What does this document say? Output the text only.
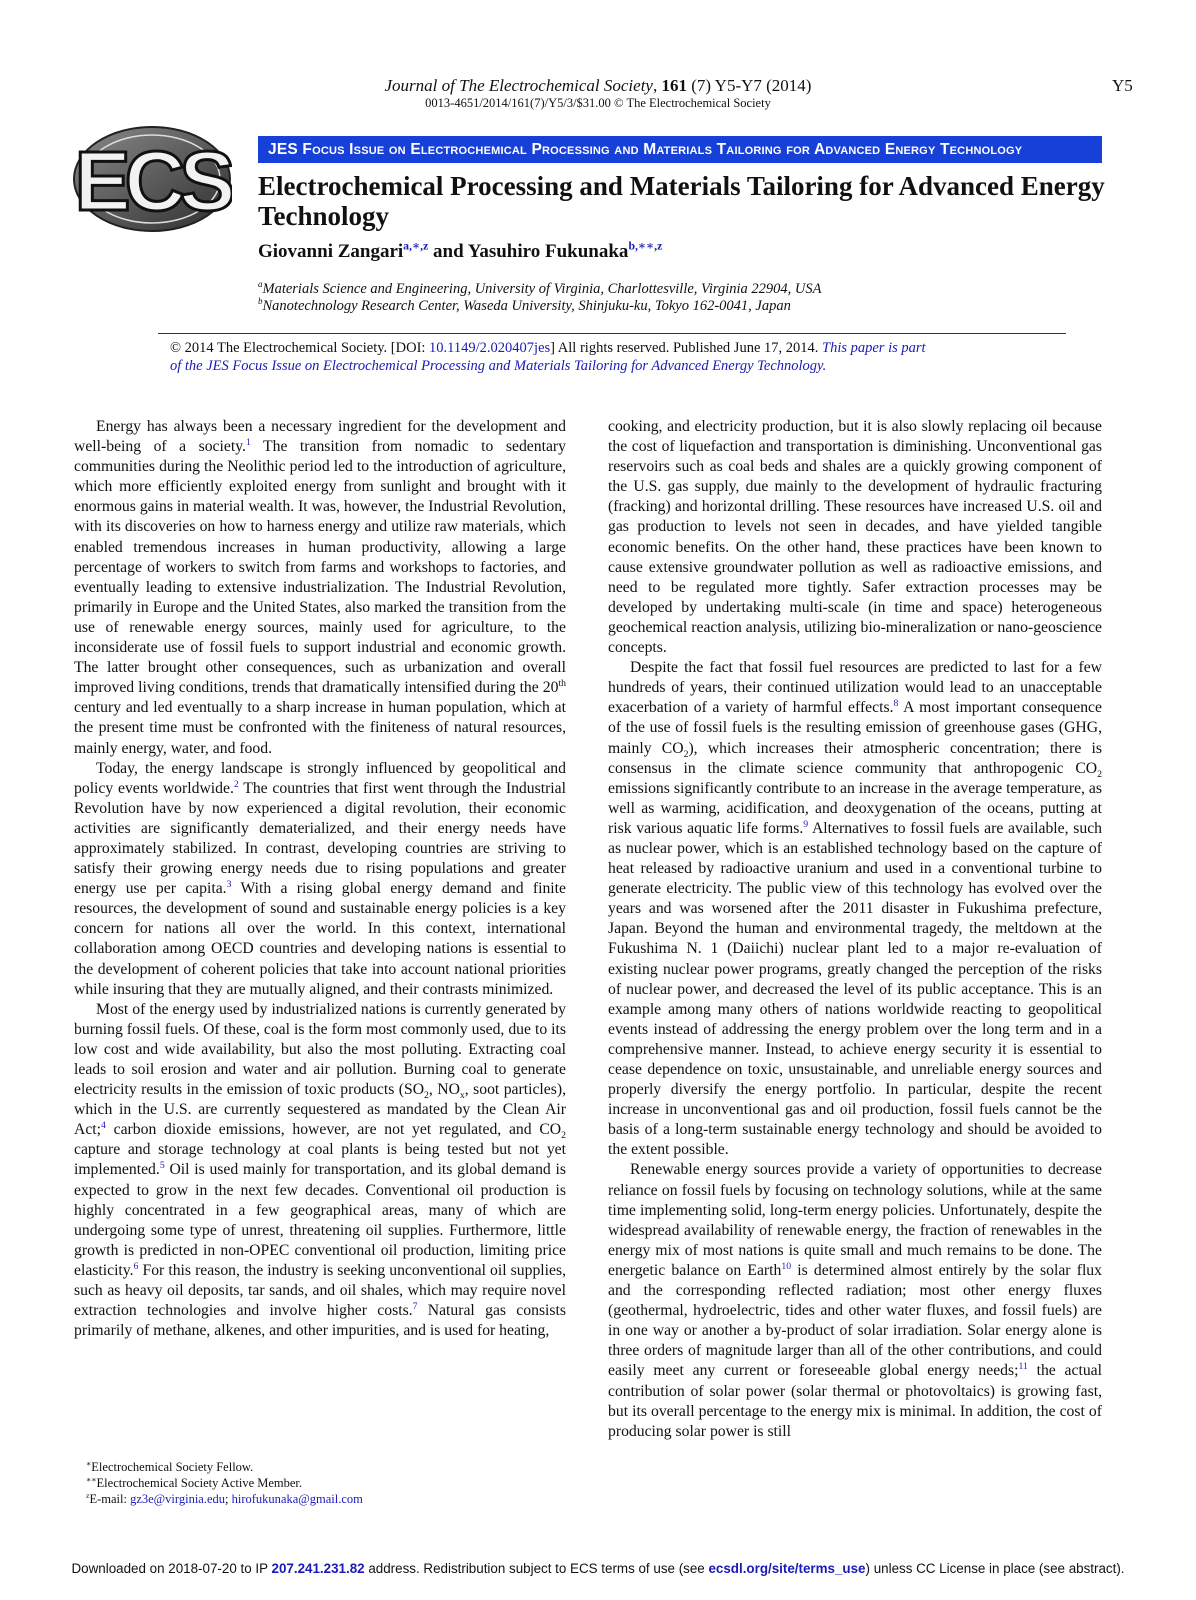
Journal of The Electrochemical Society, 161 (7) Y5-Y7 (2014)
0013-4651/2014/161(7)/Y5/3/$31.00 © The Electrochemical Society
Y5
ECS	JES Focus Issue on Electrochemical Processing and Materials Tailoring for Advanced Energy Technology
Electrochemical Processing and Materials Tailoring for Advanced Energy Technology
Giovanni Zangari$^{a,∗,z}$ and Yasuhiro Fukunaka$^{b,∗∗,z}$
$^a$Materials Science and Engineering, University of Virginia, Charlottesville, Virginia 22904, USA
$^b$Nanotechnology Research Center, Waseda University, Shinjuku-ku, Tokyo 162-0041, Japan
© 2014 The Electrochemical Society. [DOI: 10.1149/2.020407jes] All rights reserved. Published June 17, 2014. This paper is part
of the JES Focus Issue on Electrochemical Processing and Materials Tailoring for Advanced Energy Technology.

Energy has always been a necessary ingredient for the development and well-being of a society.$^1$ The transition from nomadic to sedentary communities during the Neolithic period led to the introduction of agriculture, which more efficiently exploited energy from sunlight and brought with it enormous gains in material wealth. It was, however, the Industrial Revolution, with its discoveries on how to harness energy and utilize raw materials, which enabled tremendous increases in human productivity, allowing a large percentage of workers to switch from farms and workshops to factories, and eventually leading to extensive industrialization. The Industrial Revolution, primarily in Europe and the United States, also marked the transition from the use of renewable energy sources, mainly used for agriculture, to the inconsiderate use of fossil fuels to support industrial and economic growth. The latter brought other consequences, such as urbanization and overall improved living conditions, trends that dramatically intensified during the 20th century and led eventually to a sharp increase in human population, which at the present time must be confronted with the finiteness of natural resources, mainly energy, water, and food.

Today, the energy landscape is strongly influenced by geopolitical and policy events worldwide.$^2$ The countries that first went through the Industrial Revolution have by now experienced a digital revolution, their economic activities are significantly dematerialized, and their energy needs have approximately stabilized. In contrast, developing countries are striving to satisfy their growing energy needs due to rising populations and greater energy use per capita.$^3$ With a rising global energy demand and finite resources, the development of sound and sustainable energy policies is a key concern for nations all over the world. In this context, international collaboration among OECD countries and developing nations is essential to the development of coherent policies that take into account national priorities while insuring that they are mutually aligned, and their contrasts minimized.

Most of the energy used by industrialized nations is currently generated by burning fossil fuels. Of these, coal is the form most commonly used, due to its low cost and wide availability, but also the most polluting. Extracting coal leads to soil erosion and water and air pollution. Burning coal to generate electricity results in the emission of toxic products ($SO_2$, $NO_x$, soot particles), which in the U.S. are currently sequestered as mandated by the Clean Air Act;$^4$ carbon dioxide emissions, however, are not yet regulated, and $CO_2$ capture and storage technology at coal plants is being tested but not yet implemented.$^5$ Oil is used mainly for transportation, and its global demand is expected to grow in the next few decades. Conventional oil production is highly concentrated in a few geographical areas, many of which are undergoing some type of unrest, threatening oil supplies. Furthermore, little growth is predicted in non-OPEC conventional oil production, limiting price elasticity.$^6$ For this reason, the industry is seeking unconventional oil supplies, such as heavy oil deposits, tar sands, and oil shales, which may require novel extraction technologies and involve higher costs.$^7$ Natural gas consists primarily of methane, alkenes, and other impurities, and is used for heating,

cooking, and electricity production, but it is also slowly replacing oil because the cost of liquefaction and transportation is diminishing. Unconventional gas reservoirs such as coal beds and shales are a quickly growing component of the U.S. gas supply, due mainly to the development of hydraulic fracturing (fracking) and horizontal drilling. These resources have increased U.S. oil and gas production to levels not seen in decades, and have yielded tangible economic benefits. On the other hand, these practices have been known to cause extensive groundwater pollution as well as radioactive emissions, and need to be regulated more tightly. Safer extraction processes may be developed by undertaking multi-scale (in time and space) heterogeneous geochemical reaction analysis, utilizing bio-mineralization or nano-geoscience concepts.

Despite the fact that fossil fuel resources are predicted to last for a few hundreds of years, their continued utilization would lead to an unacceptable exacerbation of a variety of harmful effects.$^8$ A most important consequence of the use of fossil fuels is the resulting emission of greenhouse gases (GHG, mainly $CO_2$), which increases their atmospheric concentration; there is consensus in the climate science community that anthropogenic $CO_2$ emissions significantly contribute to an increase in the average temperature, as well as warming, acidification, and deoxygenation of the oceans, putting at risk various aquatic life forms.$^9$ Alternatives to fossil fuels are available, such as nuclear power, which is an established technology based on the capture of heat released by radioactive uranium and used in a conventional turbine to generate electricity. The public view of this technology has evolved over the years and was worsened after the 2011 disaster in Fukushima prefecture, Japan. Beyond the human and environmental tragedy, the meltdown at the Fukushima N. 1 (Daiichi) nuclear plant led to a major re-evaluation of existing nuclear power programs, greatly changed the perception of the risks of nuclear power, and decreased the level of its public acceptance. This is an example among many others of nations worldwide reacting to geopolitical events instead of addressing the energy problem over the long term and in a comprehensive manner. Instead, to achieve energy security it is essential to cease dependence on toxic, unsustainable, and unreliable energy sources and properly diversify the energy portfolio. In particular, despite the recent increase in unconventional gas and oil production, fossil fuels cannot be the basis of a long-term sustainable energy technology and should be avoided to the extent possible.

Renewable energy sources provide a variety of opportunities to decrease reliance on fossil fuels by focusing on technology solutions, while at the same time implementing solid, long-term energy policies. Unfortunately, despite the widespread availability of renewable energy, the fraction of renewables in the energy mix of most nations is quite small and much remains to be done. The energetic balance on Earth$^{10}$ is determined almost entirely by the solar flux and the corresponding reflected radiation; most other energy fluxes (geothermal, hydroelectric, tides and other water fluxes, and fossil fuels) are in one way or another a by-product of solar irradiation. Solar energy alone is three orders of magnitude larger than all of the other contributions, and could easily meet any current or foreseeable global energy needs;$^{11}$ the actual contribution of solar power (solar thermal or photovoltaics) is growing fast, but its overall percentage to the energy mix is minimal. In addition, the cost of producing solar power is still

∗Electrochemical Society Fellow.
∗∗Electrochemical Society Active Member.
$^z$E-mail: gz3e@virginia.edu; hirofukunaka@gmail.com
Downloaded on 2018-07-20 to IP 207.241.231.82 address. Redistribution subject to ECS terms of use (see ecsdl.org/site/terms_use) unless CC License in place (see abstract).
